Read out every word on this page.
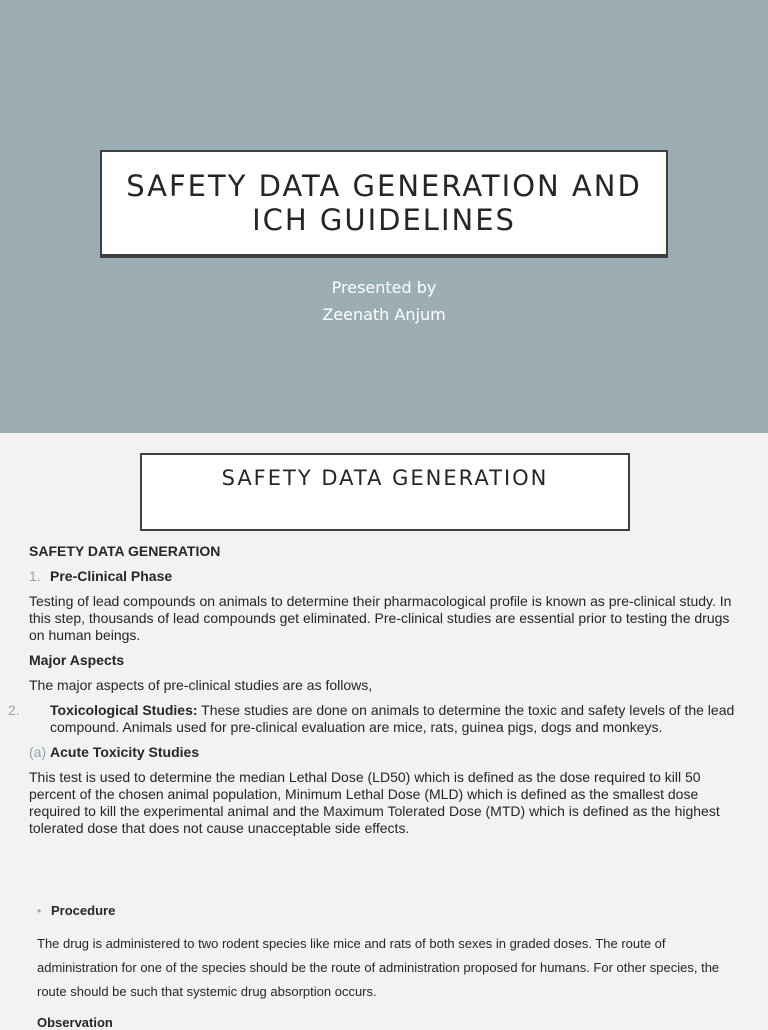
SAFETY DATA GENERATION AND ICH GUIDELINES
Presented by
Zeenath Anjum
SAFETY DATA GENERATION

SAFETY DATA GENERATION

1. Pre-Clinical Phase

Testing of lead compounds on animals to determine their pharmacological profile is known as pre-clinical study. In this step, thousands of lead compounds get eliminated. Pre-clinical studies are essential prior to testing the drugs on human beings.

Major Aspects

The major aspects of pre-clinical studies are as follows,

2. Toxicological Studies: These studies are done on animals to determine the toxic and safety levels of the lead compound. Animals used for pre-clinical evaluation are mice, rats, guinea pigs, dogs and monkeys.

(a) Acute Toxicity Studies

This test is used to determine the median Lethal Dose (LD50) which is defined as the dose required to kill 50 percent of the chosen animal population, Minimum Lethal Dose (MLD) which is defined as the smallest dose required to kill the experimental animal and the Maximum Tolerated Dose (MTD) which is defined as the highest tolerated dose that does not cause unacceptable side effects.

• Procedure

The drug is administered to two rodent species like mice and rats of both sexes in graded doses. The route of administration for one of the species should be the route of administration proposed for humans. For other species, the route should be such that systemic drug absorption occurs.

Observation
